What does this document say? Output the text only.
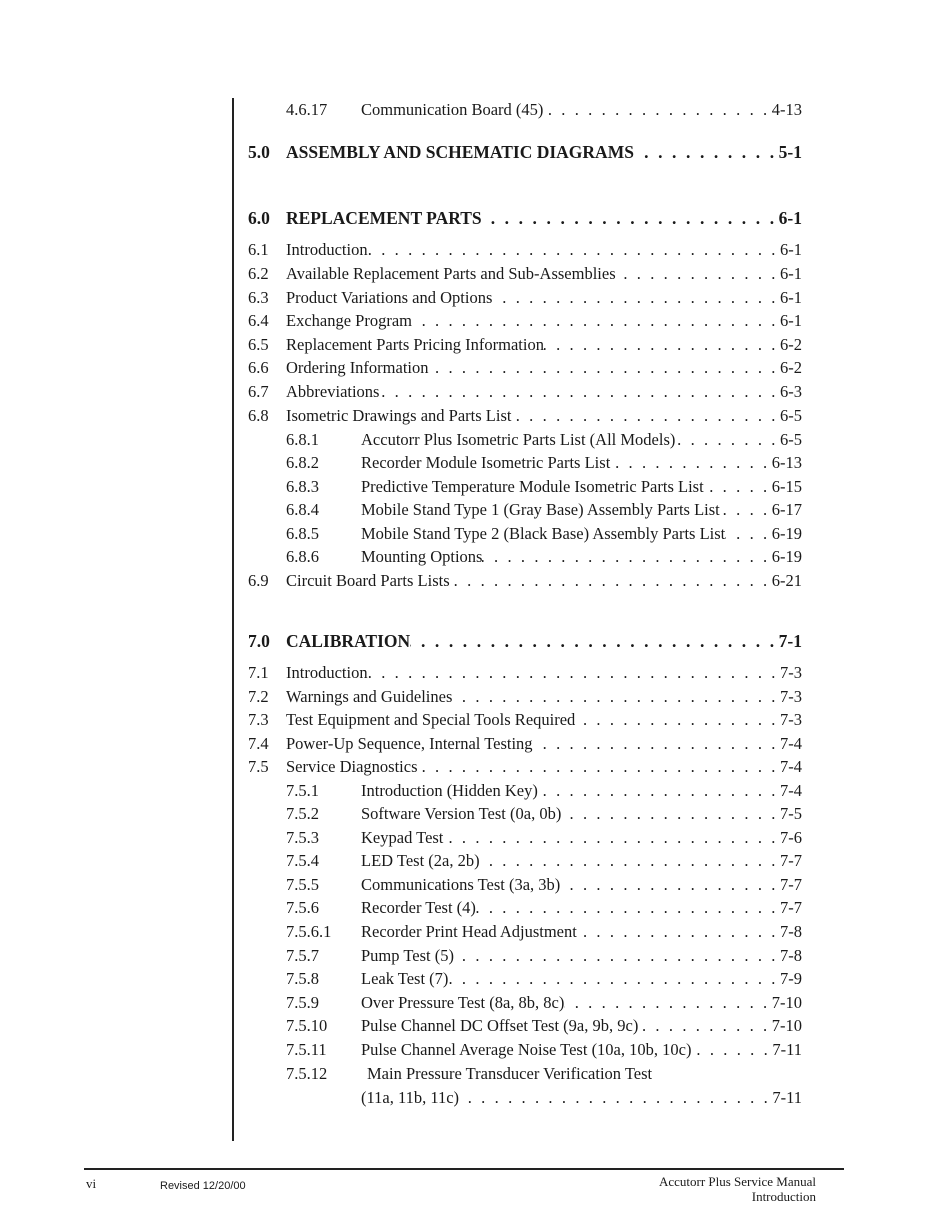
4.6.17	Communication Board (45) . . .	4-13
5.0 ASSEMBLY AND SCHEMATIC DIAGRAMS . . .	5-1
6.0 REPLACEMENT PARTS . . .	6-1
6.1	Introduction . . .	6-1
6.2	Available Replacement Parts and Sub-Assemblies . . .	6-1
6.3	Product Variations and Options . . .	6-1
6.4	Exchange Program . . .	6-1
6.5	Replacement Parts Pricing Information . . .	6-2
6.6	Ordering Information . . .	6-2
6.7	Abbreviations . . .	6-3
6.8	Isometric Drawings and Parts List . . .	6-5
6.8.1	Accutorr Plus Isometric Parts List (All Models) . . .	6-5
6.8.2	Recorder Module Isometric Parts List . . .	6-13
6.8.3	Predictive Temperature Module Isometric Parts List . . .	6-15
6.8.4	Mobile Stand Type 1 (Gray Base) Assembly Parts List . . .	6-17
6.8.5	Mobile Stand Type 2 (Black Base) Assembly Parts List . . .	6-19
6.8.6	Mounting Options . . .	6-19
6.9	Circuit Board Parts Lists . . .	6-21
7.0 CALIBRATION . . .	7-1
7.1	Introduction . . .	7-3
7.2	Warnings and Guidelines . . .	7-3
7.3	Test Equipment and Special Tools Required . . .	7-3
7.4	Power-Up Sequence, Internal Testing . . .	7-4
7.5	Service Diagnostics . . .	7-4
7.5.1	Introduction (Hidden Key) . . .	7-4
7.5.2	Software Version Test (0a, 0b) . . .	7-5
7.5.3	Keypad Test . . .	7-6
7.5.4	LED Test (2a, 2b) . . .	7-7
7.5.5	Communications Test (3a, 3b) . . .	7-7
7.5.6	Recorder Test (4) . . .	7-7
7.5.6.1	Recorder Print Head Adjustment . . .	7-8
7.5.7	Pump Test (5) . . .	7-8
7.5.8	Leak Test (7) . . .	7-9
7.5.9	Over Pressure Test (8a, 8b, 8c) . . .	7-10
7.5.10	Pulse Channel DC Offset Test (9a, 9b, 9c) . . .	7-10
7.5.11	Pulse Channel Average Noise Test (10a, 10b, 10c) . . .	7-11
7.5.12	Main Pressure Transducer Verification Test
(11a, 11b, 11c) . . .	7-11
vi	Revised 12/20/00	Accutorr Plus Service Manual
Introduction
